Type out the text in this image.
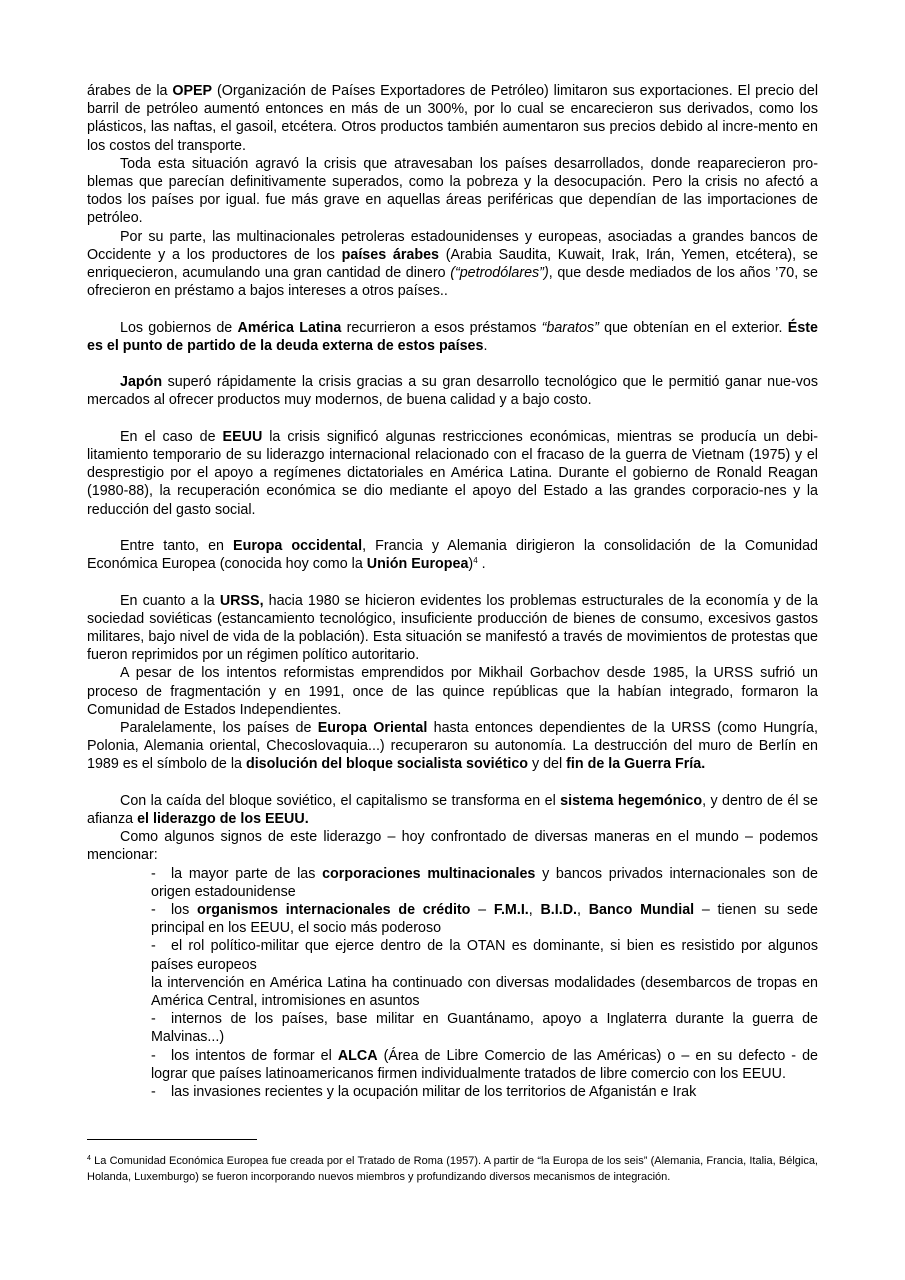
árabes de la OPEP (Organización de Países Exportadores de Petróleo) limitaron sus exportaciones. El precio del barril de petróleo aumentó entonces en más de un 300%, por lo cual se encarecieron sus derivados, como los plásticos, las naftas, el gasoil, etcétera. Otros productos también aumentaron sus precios debido al incre-mento en los costos del transporte.

Toda esta situación agravó la crisis que atravesaban los países desarrollados, donde reaparecieron pro-blemas que parecían definitivamente superados, como la pobreza y la desocupación. Pero la crisis no afectó a todos los países por igual. fue más grave en aquellas áreas periféricas que dependían de las importaciones de petróleo.

Por su parte, las multinacionales petroleras estadounidenses y europeas, asociadas a grandes bancos de Occidente y a los productores de los países árabes (Arabia Saudita, Kuwait, Irak, Irán, Yemen, etcétera), se enriquecieron, acumulando una gran cantidad de dinero (“petrodólares”), que desde mediados de los años ’70, se ofrecieron en préstamo a bajos intereses a otros países..

Los gobiernos de América Latina recurrieron a esos préstamos “baratos” que obtenían en el exterior. Éste es el punto de partido de la deuda externa de estos países.

Japón superó rápidamente la crisis gracias a su gran desarrollo tecnológico que le permitió ganar nue-vos mercados al ofrecer productos muy modernos, de buena calidad y a bajo costo.

En el caso de EEUU la crisis significó algunas restricciones económicas, mientras se producía un debi-litamiento temporario de su liderazgo internacional relacionado con el fracaso de la guerra de Vietnam (1975) y el desprestigio por el apoyo a regímenes dictatoriales en América Latina. Durante el gobierno de Ronald Reagan (1980-88), la recuperación económica se dio mediante el apoyo del Estado a las grandes corporacio-nes y la reducción del gasto social.

Entre tanto, en Europa occidental, Francia y Alemania dirigieron la consolidación de la Comunidad Económica Europea (conocida hoy como la Unión Europea)$^4$ .

En cuanto a la URSS, hacia 1980 se hicieron evidentes los problemas estructurales de la economía y de la sociedad soviéticas (estancamiento tecnológico, insuficiente producción de bienes de consumo, excesivos gastos militares, bajo nivel de vida de la población). Esta situación se manifestó a través de movimientos de protestas que fueron reprimidos por un régimen político autoritario.

A pesar de los intentos reformistas emprendidos por Mikhail Gorbachov desde 1985, la URSS sufrió un proceso de fragmentación y en 1991, once de las quince repúblicas que la habían integrado, formaron la Comunidad de Estados Independientes.

Paralelamente, los países de Europa Oriental hasta entonces dependientes de la URSS (como Hungría, Polonia, Alemania oriental, Checoslovaquia...) recuperaron su autonomía. La destrucción del muro de Berlín en 1989 es el símbolo de la disolución del bloque socialista soviético y del fin de la Guerra Fría.

Con la caída del bloque soviético, el capitalismo se transforma en el sistema hegemónico, y dentro de él se afianza el liderazgo de los EEUU.

Como algunos signos de este liderazgo – hoy confrontado de diversas maneras en el mundo – podemos mencionar:

- la mayor parte de las corporaciones multinacionales y bancos privados internacionales son de origen estadounidense

- los organismos internacionales de crédito – F.M.I., B.I.D., Banco Mundial – tienen su sede principal en los EEUU, el socio más poderoso

- el rol político-militar que ejerce dentro de la OTAN es dominante, si bien es resistido por algunos países europeos

la intervención en América Latina ha continuado con diversas modalidades (desembarcos de tropas en América Central, intromisiones en asuntos

- internos de los países, base militar en Guantánamo, apoyo a Inglaterra durante la guerra de Malvinas...)

- los intentos de formar el ALCA (Área de Libre Comercio de las Américas) o – en su defecto - de lograr que países latinoamericanos firmen individualmente tratados de libre comercio con los EEUU.

- las invasiones recientes y la ocupación militar de los territorios de Afganistán e Irak

$^4$ La Comunidad Económica Europea fue creada por el Tratado de Roma (1957). A partir de “la Europa de los seis” (Alemania, Francia, Italia, Bélgica, Holanda, Luxemburgo) se fueron incorporando nuevos miembros y profundizando diversos mecanismos de integración.
